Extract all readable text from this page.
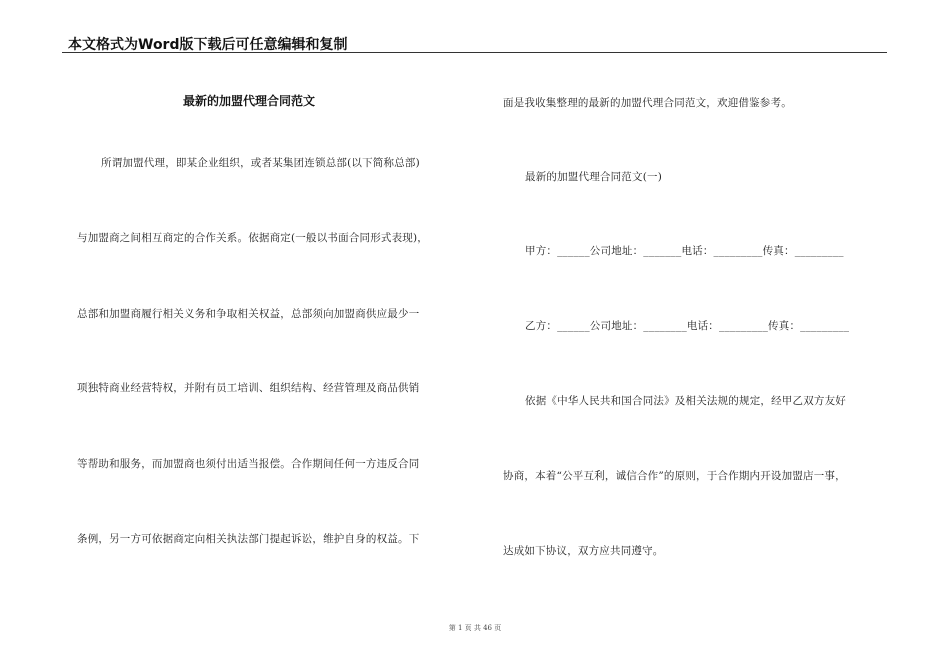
本文格式为Word版下载后可任意编辑和复制
最新的加盟代理合同范文
所谓加盟代理，即某企业组织，或者某集团连锁总部(以下简称总部)
与加盟商之间相互商定的合作关系。依据商定(一般以书面合同形式表现)，
总部和加盟商履行相关义务和争取相关权益，总部须向加盟商供应最少一
项独特商业经营特权，并附有员工培训、组织结构、经营管理及商品供销
等帮助和服务，而加盟商也须付出适当报偿。合作期间任何一方违反合同
条例，另一方可依据商定向相关执法部门提起诉讼，维护自身的权益。下
面是我收集整理的最新的加盟代理合同范文，欢迎借鉴参考。
最新的加盟代理合同范文(一)
甲方：______公司地址：_______电话：_________传真：_________
乙方：______公司地址：________电话：_________传真：_________
依据《中华人民共和国合同法》及相关法规的规定，经甲乙双方友好
协商，本着“公平互利，诚信合作”的原则，于合作期内开设加盟店一事，
达成如下协议，双方应共同遵守。
第 1 页 共 46 页
